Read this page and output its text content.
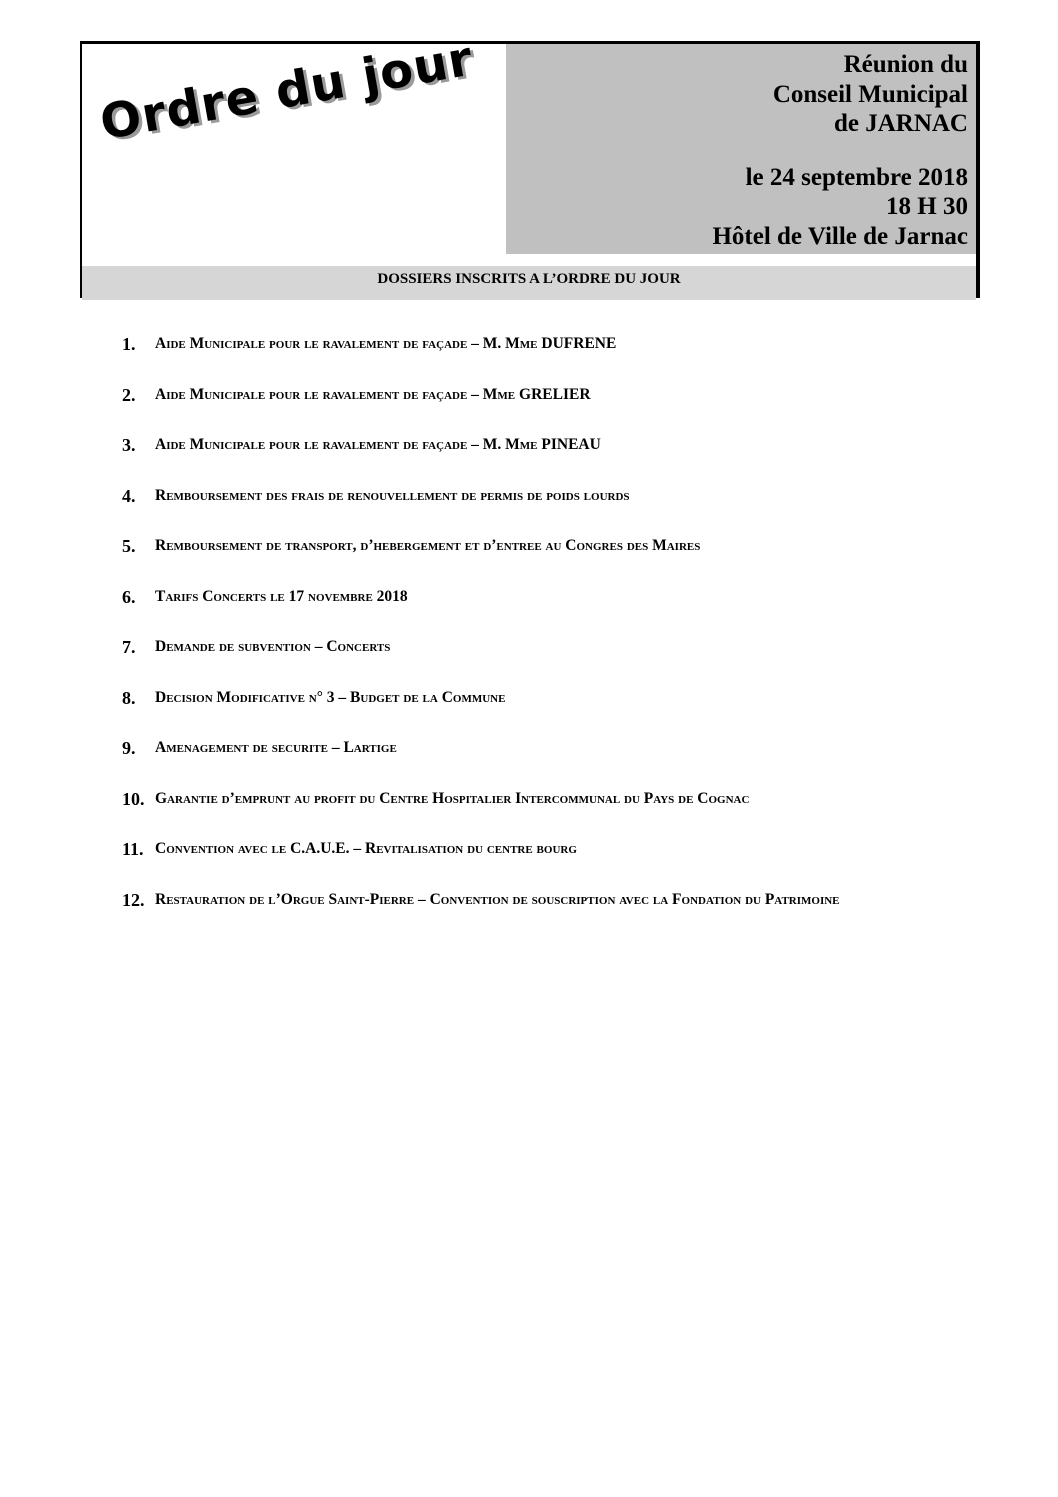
Ordre du jour	Réunion du
Conseil Municipal
de JARNAC
le 24 septembre 2018
18 H 30
Hôtel de Ville de Jarnac
DOSSIERS INSCRITS A L’ORDRE DU JOUR
1. Aide Municipale pour le ravalement de façade – M. Mme DUFRENE
2. Aide Municipale pour le ravalement de façade – Mme GRELIER
3. Aide Municipale pour le ravalement de façade – M. Mme PINEAU
4. Remboursement des frais de renouvellement de permis de poids lourds
5. Remboursement de transport, d’hebergement et d’entree au Congres des Maires
6. Tarifs Concerts le 17 novembre 2018
7. Demande de subvention – Concerts
8. Decision Modificative n° 3 – Budget de la Commune
9. Amenagement de securite – Lartige
10. Garantie d’emprunt au profit du Centre Hospitalier Intercommunal du Pays de Cognac
11. Convention avec le C.A.U.E. – Revitalisation du centre bourg
12. Restauration de l’Orgue Saint-Pierre – Convention de souscription avec la Fondation du Patrimoine
